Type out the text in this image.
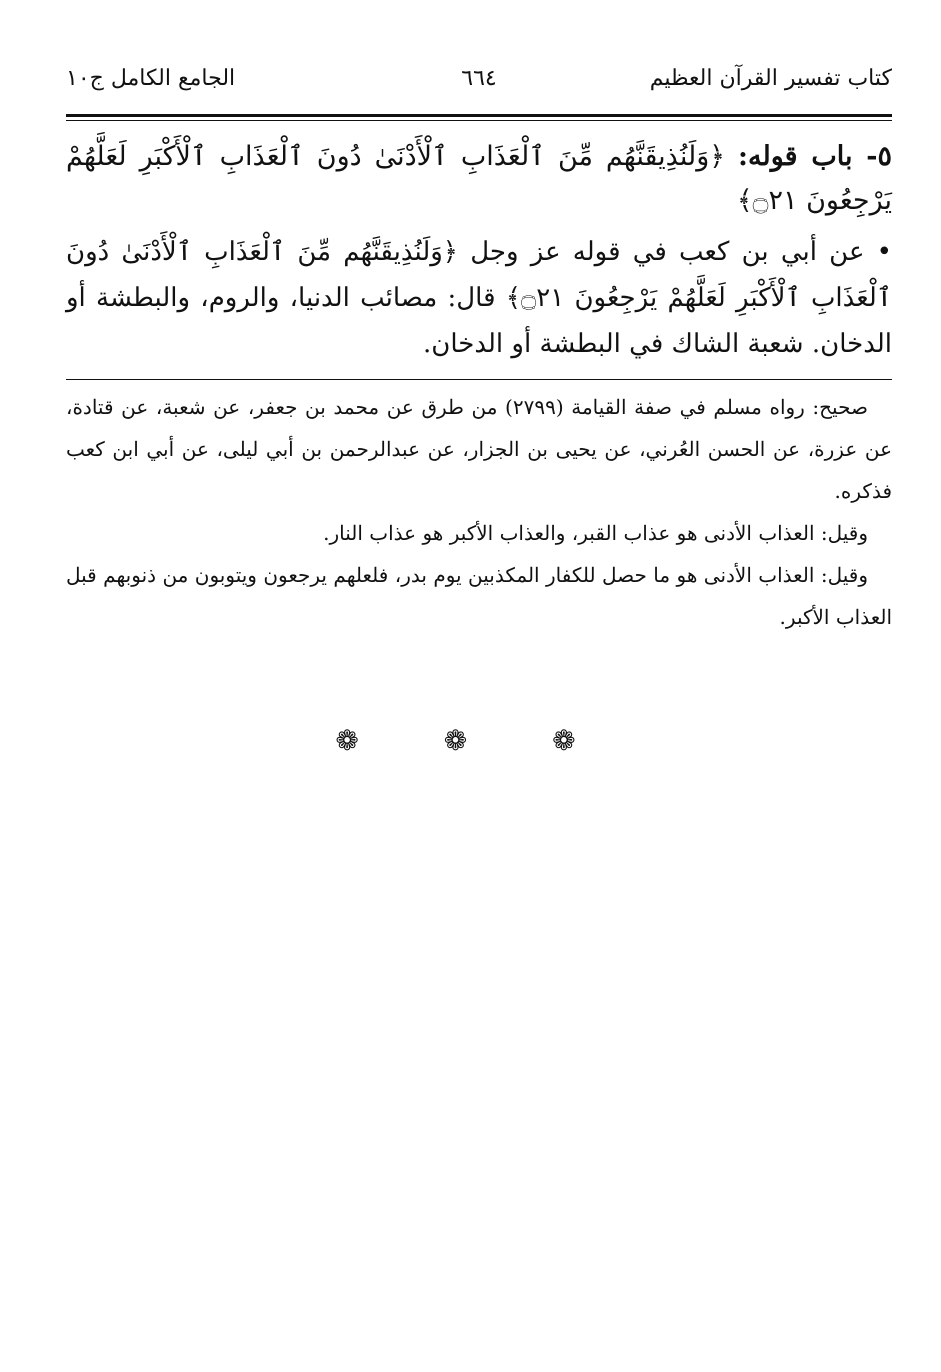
كتاب تفسير القرآن العظيم
٦٦٤
الجامع الكامل ج١٠
٥- باب قوله: ﴿وَلَنُذِيقَنَّهُم مِّنَ ٱلْعَذَابِ ٱلْأَدْنَىٰ دُونَ ٱلْعَذَابِ ٱلْأَكْبَرِ لَعَلَّهُمْ يَرْجِعُونَ ۝٢١﴾
• عن أبي بن كعب في قوله عز وجل ﴿وَلَنُذِيقَنَّهُم مِّنَ ٱلْعَذَابِ ٱلْأَدْنَىٰ دُونَ ٱلْعَذَابِ ٱلْأَكْبَرِ لَعَلَّهُمْ يَرْجِعُونَ ۝٢١﴾ قال: مصائب الدنيا، والروم، والبطشة أو الدخان. شعبة الشاك في البطشة أو الدخان.

صحيح: رواه مسلم في صفة القيامة (٢٧٩٩) من طرق عن محمد بن جعفر، عن شعبة، عن قتادة، عن عزرة، عن الحسن العُرني، عن يحيى بن الجزار، عن عبدالرحمن بن أبي ليلى، عن أبي ابن كعب فذكره.

وقيل: العذاب الأدنى هو عذاب القبر، والعذاب الأكبر هو عذاب النار.

وقيل: العذاب الأدنى هو ما حصل للكفار المكذبين يوم بدر، فلعلهم يرجعون ويتوبون من ذنوبهم قبل العذاب الأكبر.

❁ ❁ ❁
